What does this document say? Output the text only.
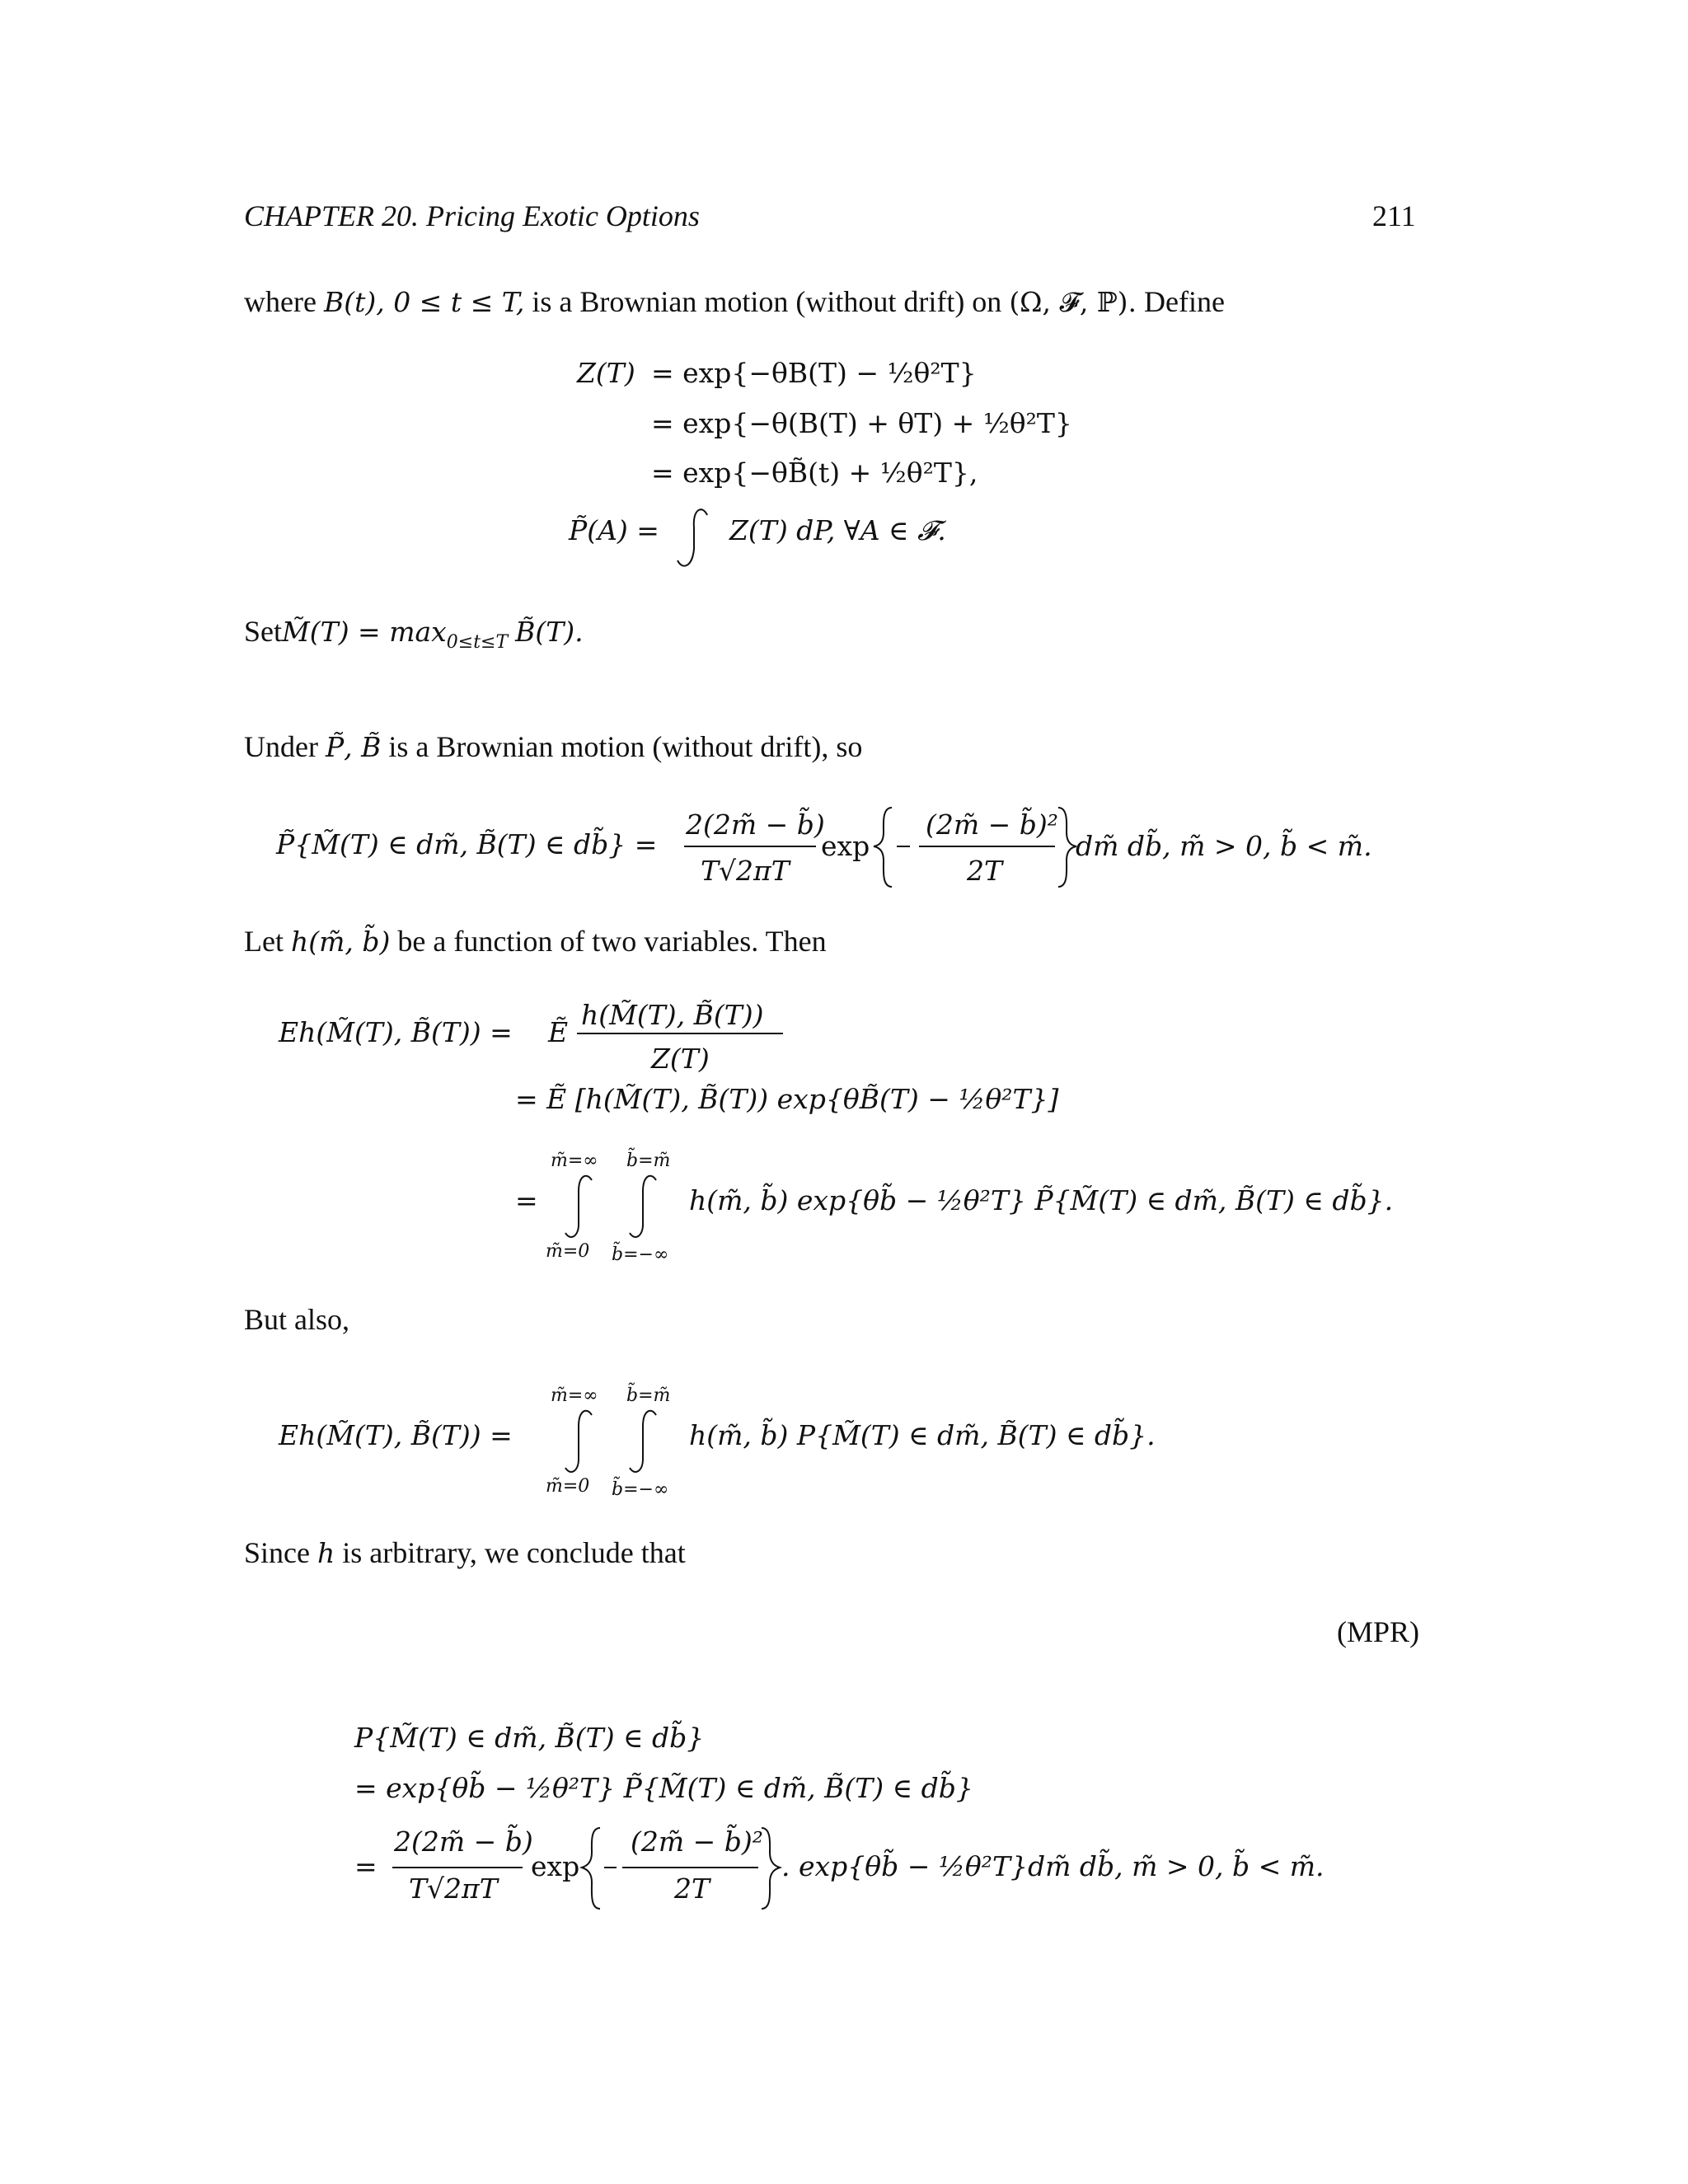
CHAPTER 20. Pricing Exotic Options	211
where B(t), 0 ≤ t ≤ T, is a Brownian motion (without drift) on (Ω, 𝓕, ℙ). Define
Z(T) = exp{−θB(T) − ½θ²T}
= exp{−θ(B(T) + θT) + ½θ²T}
= exp{−θB̃(t) + ½θ²T},
P̃(A) =	Z(T) dP, ∀A ∈ 𝓕.
SetM̃(T) = $\max_{0\le t\le T}$ B̃(T).
Under P̃, B̃ is a Brownian motion (without drift), so
P̃{M̃(T) ∈ dm̃, B̃(T) ∈ db̃} =
2(2m̃ − b̃)
T√2πT
exp
(2m̃ − b̃)²
2T
dm̃ db̃, m̃ > 0, b̃ < m̃.
Let h(m̃, b̃) be a function of two variables. Then
Eh(M̃(T), B̃(T)) = Ẽ
h(M̃(T), B̃(T))
Z(T)
= Ẽ [h(M̃(T), B̃(T)) exp{θB̃(T) − ½θ²T}]
=
m̃=∞ b̃=m̃
m̃=0 b̃=−∞
h(m̃, b̃) exp{θb̃ − ½θ²T} P̃{M̃(T) ∈ dm̃, B̃(T) ∈ db̃}.
But also,
Eh(M̃(T), B̃(T)) =
m̃=∞ b̃=m̃
m̃=0 b̃=−∞
h(m̃, b̃) P{M̃(T) ∈ dm̃, B̃(T) ∈ db̃}.
Since h is arbitrary, we conclude that
(MPR)
P{M̃(T) ∈ dm̃, B̃(T) ∈ db̃}
= exp{θb̃ − ½θ²T} P̃{M̃(T) ∈ dm̃, B̃(T) ∈ db̃}
=
2(2m̃ − b̃)
T√2πT
exp
(2m̃ − b̃)²
2T
. exp{θb̃ − ½θ²T}dm̃ db̃, m̃ > 0, b̃ < m̃.
